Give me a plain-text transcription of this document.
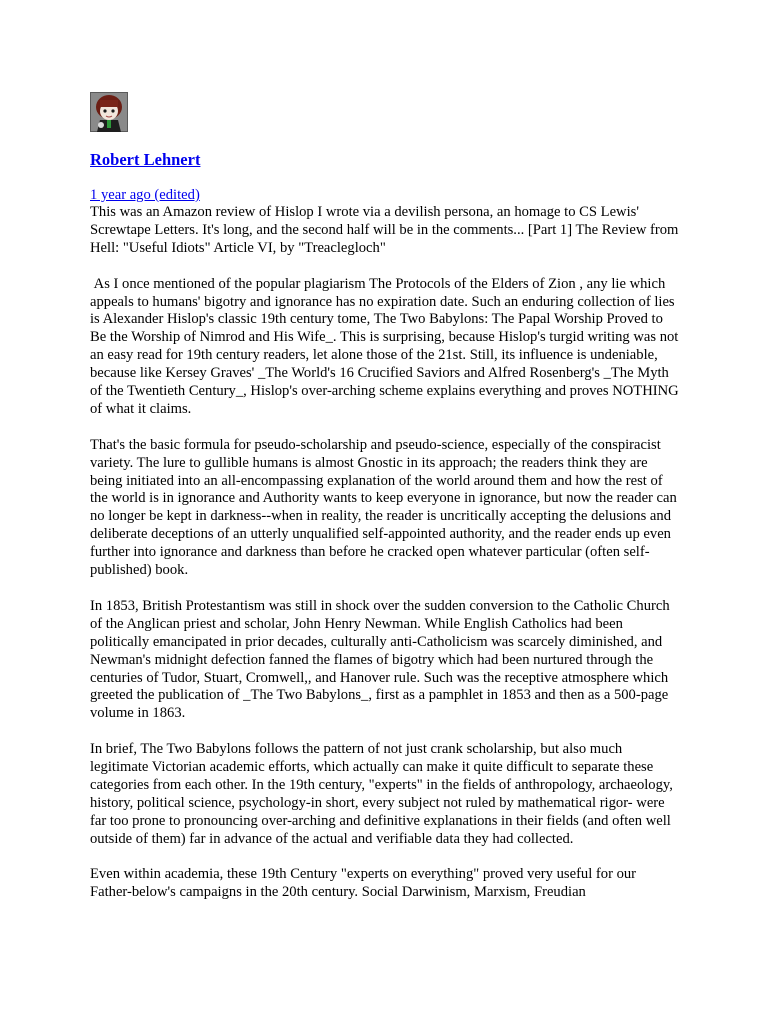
Robert Lehnert
1 year ago (edited)

This was an Amazon review of Hislop I wrote via a devilish persona, an homage to CS Lewis' Screwtape Letters. It's long, and the second half will be in the comments... [Part 1] The Review from Hell: "Useful Idiots" Article VI, by "Treaclegloch"

As I once mentioned of the popular plagiarism The Protocols of the Elders of Zion , any lie which appeals to humans' bigotry and ignorance has no expiration date. Such an enduring collection of lies is Alexander Hislop's classic 19th century tome, The Two Babylons: The Papal Worship Proved to Be the Worship of Nimrod and His Wife_. This is surprising, because Hislop's turgid writing was not an easy read for 19th century readers, let alone those of the 21st. Still, its influence is undeniable, because like Kersey Graves' _The World's 16 Crucified Saviors and Alfred Rosenberg's _The Myth of the Twentieth Century_, Hislop's over-arching scheme explains everything and proves NOTHING of what it claims.

That's the basic formula for pseudo-scholarship and pseudo-science, especially of the conspiracist variety. The lure to gullible humans is almost Gnostic in its approach; the readers think they are being initiated into an all-encompassing explanation of the world around them and how the rest of the world is in ignorance and Authority wants to keep everyone in ignorance, but now the reader can no longer be kept in darkness--when in reality, the reader is uncritically accepting the delusions and deliberate deceptions of an utterly unqualified self-appointed authority, and the reader ends up even further into ignorance and darkness than before he cracked open whatever particular (often self-published) book.

In 1853, British Protestantism was still in shock over the sudden conversion to the Catholic Church of the Anglican priest and scholar, John Henry Newman. While English Catholics had been politically emancipated in prior decades, culturally anti-Catholicism was scarcely diminished, and Newman's midnight defection fanned the flames of bigotry which had been nurtured through the centuries of Tudor, Stuart, Cromwell,, and Hanover rule. Such was the receptive atmosphere which greeted the publication of _The Two Babylons_, first as a pamphlet in 1853 and then as a 500-page volume in 1863.

In brief, The Two Babylons follows the pattern of not just crank scholarship, but also much legitimate Victorian academic efforts, which actually can make it quite difficult to separate these categories from each other. In the 19th century, "experts" in the fields of anthropology, archaeology, history, political science, psychology-in short, every subject not ruled by mathematical rigor- were far too prone to pronouncing over-arching and definitive explanations in their fields (and often well outside of them) far in advance of the actual and verifiable data they had collected.

Even within academia, these 19th Century "experts on everything" proved very useful for our Father-below's campaigns in the 20th century. Social Darwinism, Marxism, Freudian
